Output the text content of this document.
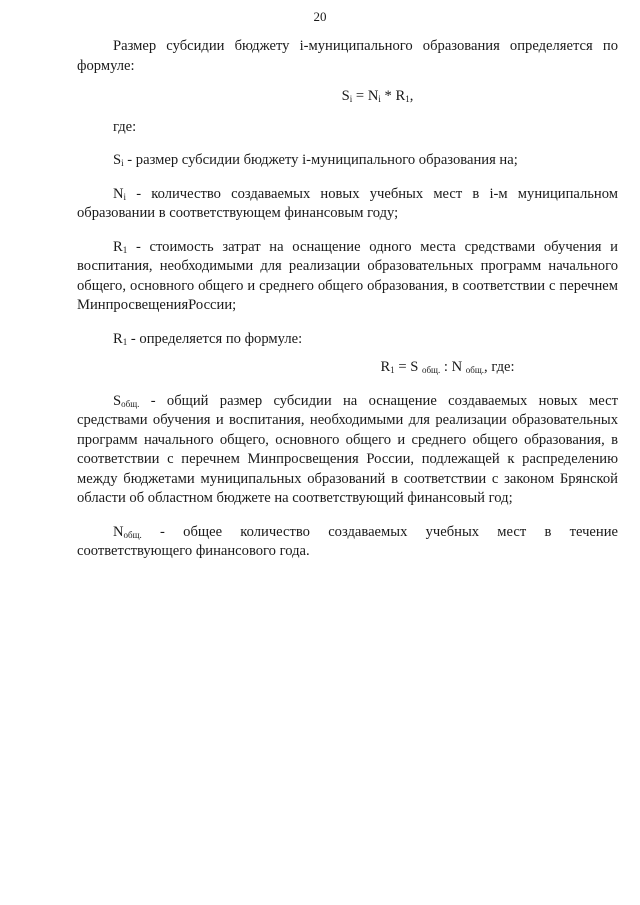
20

Размер субсидии бюджету i-муниципального образования определяется по формуле:

$S_i = N_i * R_1$,

где:

$S_i$ - размер субсидии бюджету i-муниципального образования на;

$N_i$ - количество создаваемых новых учебных мест в i-м муниципальном образовании в соответствующем финансовым году;

$R_1$ - стоимость затрат на оснащение одного места средствами обучения и воспитания, необходимыми для реализации образовательных программ начального общего, основного общего и среднего общего образования, в соответствии с перечнем МинпросвещенияРоссии;

$R_1$ - определяется по формуле:

$R_1 = S$ $_{общ.}$ : N $_{общ.}$, где:

$S_{общ.}$ - общий размер субсидии на оснащение создаваемых новых мест средствами обучения и воспитания, необходимыми для реализации образовательных программ начального общего, основного общего и среднего общего образования, в соответствии с перечнем Минпросвещения России, подлежащей к распределению между бюджетами муниципальных образований в соответствии с законом Брянской области об областном бюджете на соответствующий финансовый год;

$N_{общ.}$ - общее количество создаваемых учебных мест в течение соответствующего финансового года.
